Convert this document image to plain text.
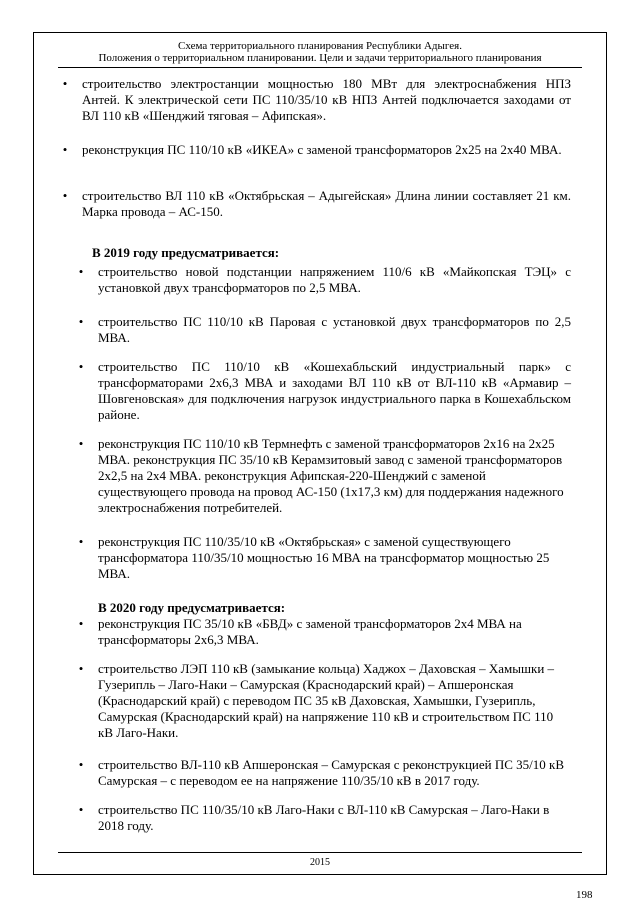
Схема территориального планирования Республики Адыгея.
Положения о территориальном планировании. Цели и задачи территориального планирования
• строительство электростанции мощностью 180 МВт для электроснабжения НПЗ Антей. К электрической сети ПС 110/35/10 кВ НПЗ Антей подключается заходами от ВЛ 110 кВ «Шенджий тяговая – Афипская».
• реконструкция ПС 110/10 кВ «ИКЕА» с заменой трансформаторов 2х25 на 2х40 МВА.
• строительство ВЛ 110 кВ «Октябрьская – Адыгейская» Длина линии составляет 21 км. Марка провода – АС-150.
В 2019 году предусматривается:
• строительство новой подстанции напряжением 110/6 кВ «Майкопская ТЭЦ» с установкой двух трансформаторов по 2,5 МВА.
• строительство ПС 110/10 кВ Паровая с установкой двух трансформаторов по 2,5 МВА.
• строительство ПС 110/10 кВ «Кошехабльский индустриальный парк» с трансформаторами 2х6,3 МВА и заходами ВЛ 110 кВ от ВЛ-110 кВ «Армавир – Шовгеновская» для подключения нагрузок индустриального парка в Кошехабльском районе.
• реконструкция ПС 110/10 кВ Термнефть с заменой трансформаторов 2х16 на 2х25 МВА. реконструкция ПС 35/10 кВ Керамзитовый завод с заменой трансформаторов 2х2,5 на 2х4 МВА. реконструкция Афипская-220-Шенджий с заменой существующего провода на провод АС-150 (1х17,3 км) для поддержания надежного электроснабжения потребителей.
• реконструкция ПС 110/35/10 кВ «Октябрьская» с заменой существующего трансформатора 110/35/10 мощностью 16 МВА на трансформатор мощностью 25 МВА.
В 2020 году предусматривается:
• реконструкция ПС 35/10 кВ «БВД» с заменой трансформаторов 2х4 МВА на трансформаторы 2х6,3 МВА.
• строительство ЛЭП 110 кВ (замыкание кольца) Хаджох – Даховская – Хамышки – Гузерипль – Лаго-Наки – Самурская (Краснодарский край) – Апшеронская (Краснодарский край) с переводом ПС 35 кВ Даховская, Хамышки, Гузерипль, Самурская (Краснодарский край) на напряжение 110 кВ и строительством ПС 110 кВ Лаго-Наки.
• строительство ВЛ-110 кВ Апшеронская – Самурская с реконструкцией ПС 35/10 кВ Самурская – с переводом ее на напряжение 110/35/10 кВ в 2017 году.
• строительство ПС 110/35/10 кВ Лаго-Наки с ВЛ-110 кВ Самурская – Лаго-Наки в 2018 году.
2015
198
